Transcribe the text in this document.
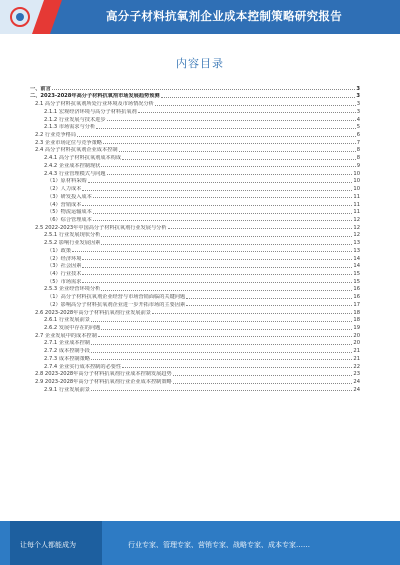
高分子材料抗氧剂企业成本控制策略研究报告
内容目录
一、前言	3
二、2023-2028年高分子材料抗氧剂市场发展趋势预测	3
2.1 高分子材料抗氧剂所处行业环境及市场情况分析	3
2.1.1 宏观经济环境与高分子材料抗氧剂	3
2.1.2 行业发展与技术进步	4
2.1.3 市场需求与分析	5
2.2 行业竞争格局	6
2.3 企业市场定位与竞争策略	7
2.4 高分子材料抗氧剂企业成本控制	8
2.4.1 高分子材料抗氧剂成本构成	8
2.4.2 企业成本控制现状	9
2.4.3 行业管理模式与问题	10
（1）原材料采购	10
（2）人力成本	10
（3）研发投入成本	11
（4）营销成本	11
（5）物流运输成本	11
（6）综合管理成本	12
2.5 2022-2023年中国高分子材料抗氧剂行业发展与分析	12
2.5.1 行业发展现状分析	12
2.5.2 影响行业发展因素	13
（1）政策	13
（2）经济环境	14
（3）社会因素	14
（4）行业技术	15
（5）市场需求	15
2.5.3 企业经营环境分析	16
（1）高分子材料抗氧剂企业经营与市场营销面临的关键问题	16
（2）影响高分子材料抗氧剂企业进一步开拓市场的主要因素	17
2.6 2023-2028年高分子材料抗氧剂行业发展前景	18
2.6.1 行业发展前景	18
2.6.2 发展中存在的问题	19
2.7 企业发展中的成本控制	20
2.7.1 企业成本控制	20
2.7.2 成本控制手段	21
2.7.3 成本控制策略	21
2.7.4 企业实行成本控制的必要性	22
2.8 2023-2028年高分子材料抗氧剂行业成本控制发展趋势	23
2.9 2023-2028年高分子材料抗氧剂行业企业成本控制策略	24
2.9.1 行业发展前景	24
让每个人都能成为	行业专家、管理专家、营销专家、战略专家、成本专家……
